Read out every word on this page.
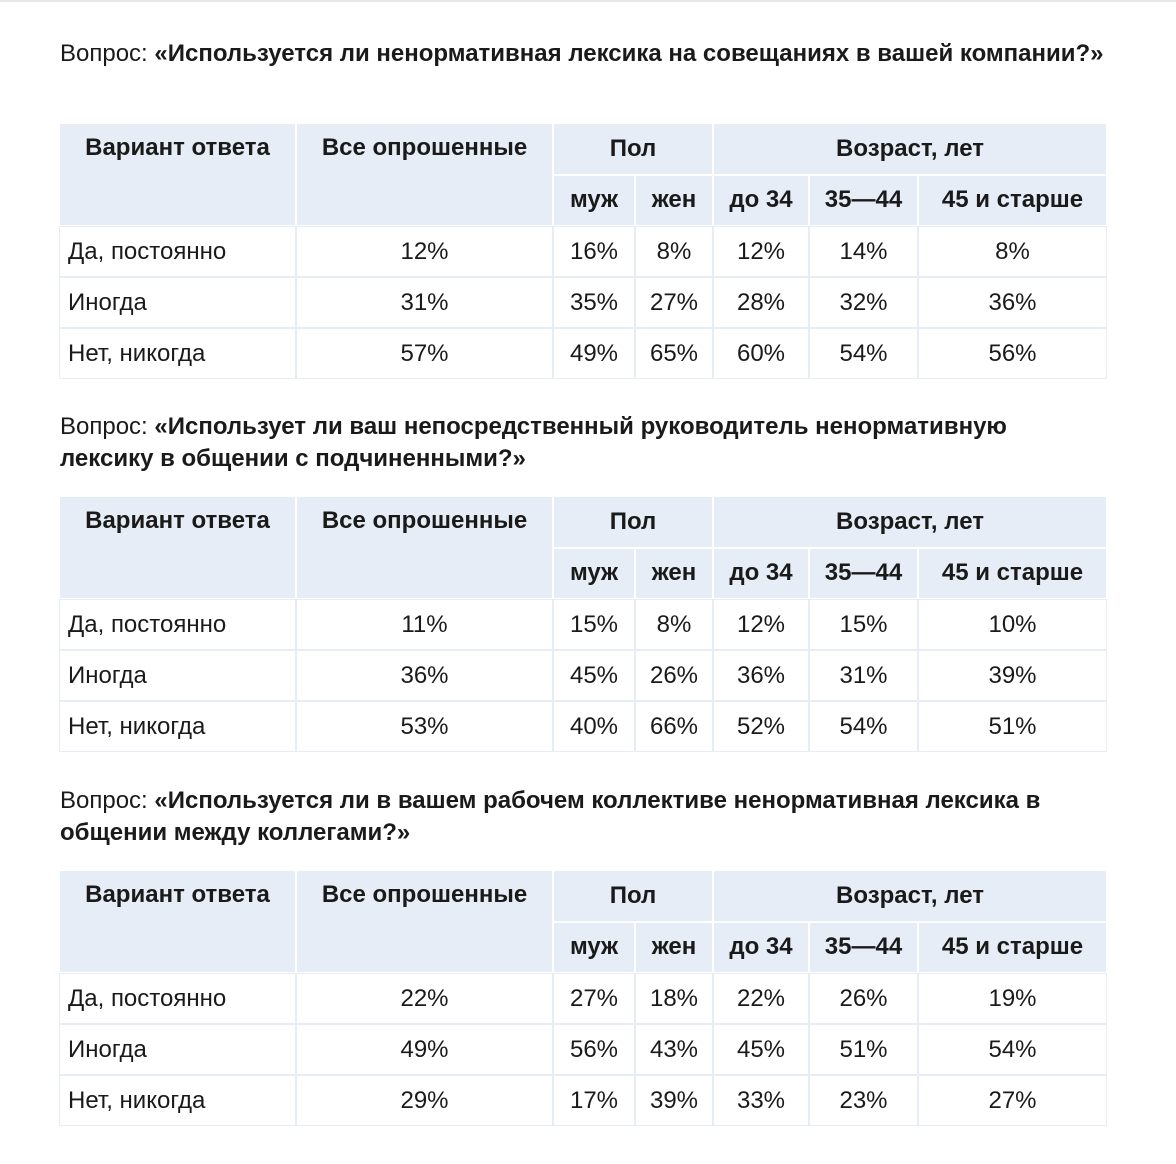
Вопрос: «Используется ли ненормативная лексика на совещаниях в вашей компании?»

Вариант ответа	Все опрошенные	Пол		Возраст, лет		
		муж	жен	до 34	35—44	45 и старше
Да, постоянно	12%	16%	8%	12%	14%	8%
Иногда	31%	35%	27%	28%	32%	36%
Нет, никогда	57%	49%	65%	60%	54%	56%

Вопрос: «Использует ли ваш непосредственный руководитель ненормативную лексику в общении с подчиненными?»

Вариант ответа	Все опрошенные	Пол		Возраст, лет		
		муж	жен	до 34	35—44	45 и старше
Да, постоянно	11%	15%	8%	12%	15%	10%
Иногда	36%	45%	26%	36%	31%	39%
Нет, никогда	53%	40%	66%	52%	54%	51%

Вопрос: «Используется ли в вашем рабочем коллективе ненормативная лексика в общении между коллегами?»

Вариант ответа	Все опрошенные	Пол		Возраст, лет		
		муж	жен	до 34	35—44	45 и старше
Да, постоянно	22%	27%	18%	22%	26%	19%
Иногда	49%	56%	43%	45%	51%	54%
Нет, никогда	29%	17%	39%	33%	23%	27%
